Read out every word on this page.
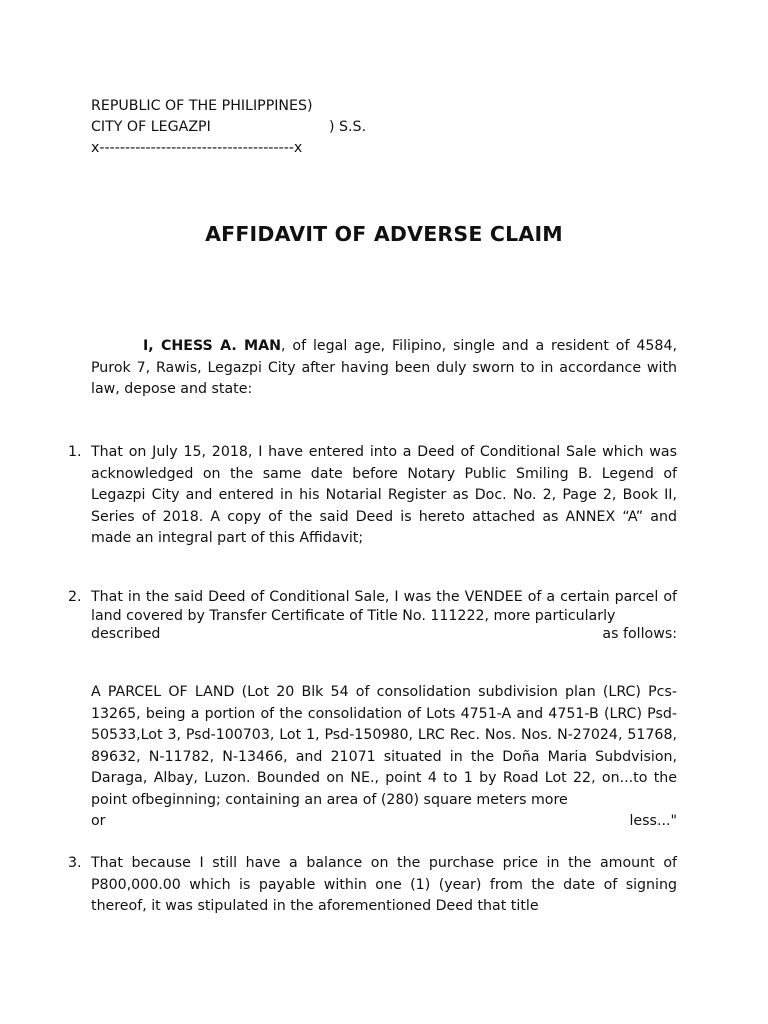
REPUBLIC OF THE PHILIPPINES)
CITY OF LEGAZPI	) S.S.
x--------------------------------------x
AFFIDAVIT OF ADVERSE CLAIM
I, CHESS A. MAN, of legal age, Filipino, single and a resident of 4584, Purok 7, Rawis, Legazpi City after having been duly sworn to in accordance with law, depose and state:
1. That on July 15, 2018, I have entered into a Deed of Conditional Sale which was acknowledged on the same date before Notary Public Smiling B. Legend of Legazpi City and entered in his Notarial Register as Doc. No. 2, Page 2, Book II, Series of 2018. A copy of the said Deed is hereto attached as ANNEX “A” and made an integral part of this Affidavit;
2. That in the said Deed of Conditional Sale, I was the VENDEE of a certain parcel of land covered by Transfer Certificate of Title No. 111222, more particularly
described	as follows:
A PARCEL OF LAND (Lot 20 Blk 54 of consolidation subdivision plan (LRC) Pcs-13265, being a portion of the consolidation of Lots 4751-A and 4751-B (LRC) Psd-50533,Lot 3, Psd-100703, Lot 1, Psd-150980, LRC Rec. Nos. Nos. N-27024, 51768, 89632, N-11782, N-13466, and 21071 situated in the Doña Maria Subdvision, Daraga, Albay, Luzon. Bounded on NE., point 4 to 1 by Road Lot 22, on...to the point ofbeginning; containing an area of (280) square meters more
or	less..."
3. That because I still have a balance on the purchase price in the amount of P800,000.00 which is payable within one (1) (year) from the date of signing thereof, it was stipulated in the aforementioned Deed that title
